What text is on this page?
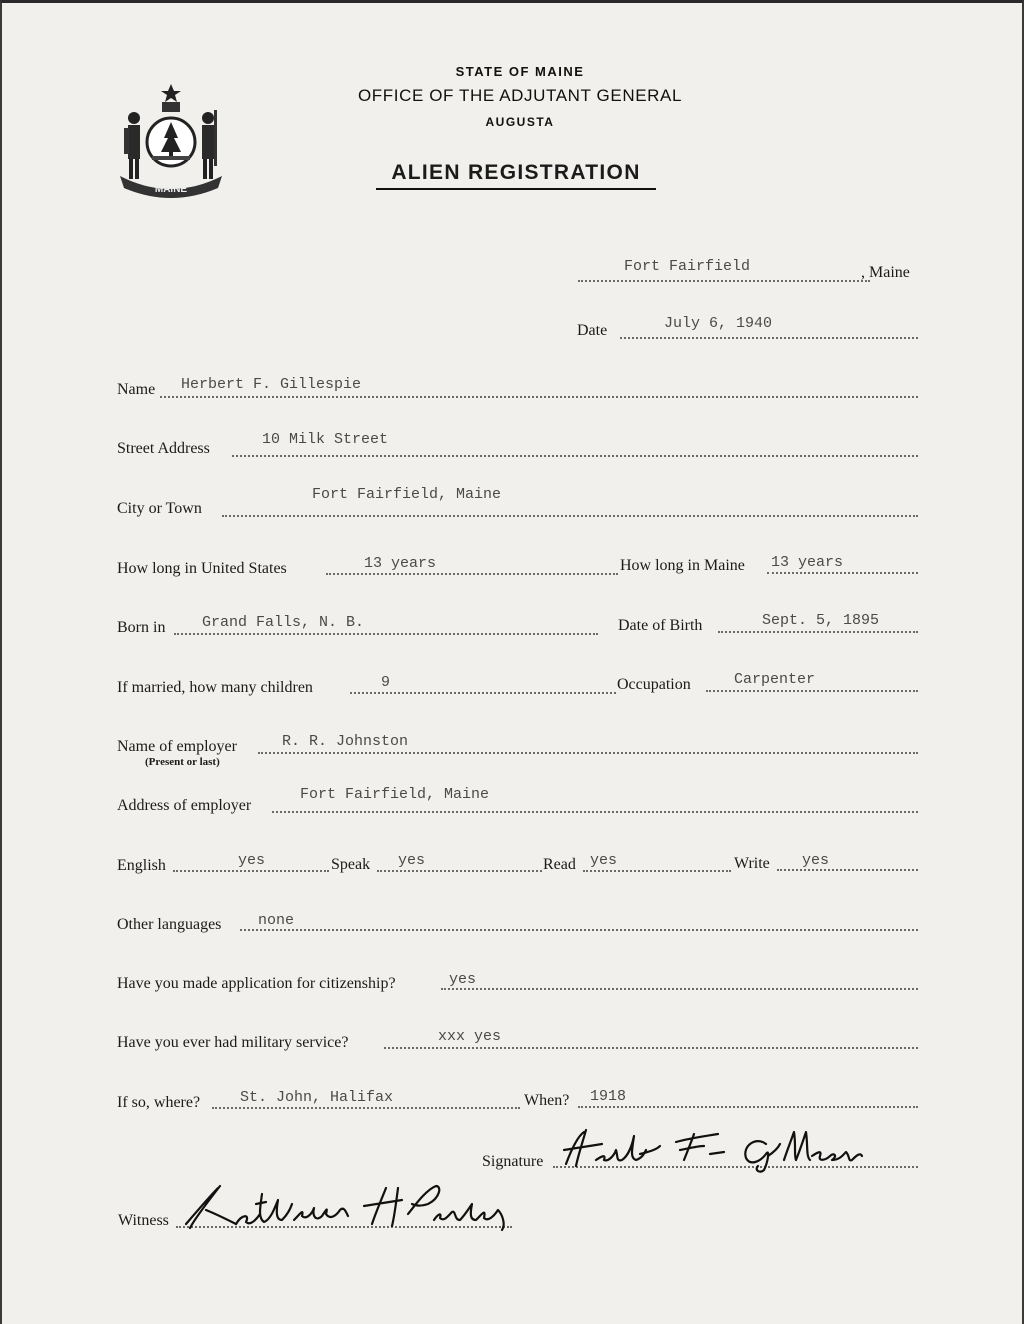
MAINE
STATE OF MAINE
OFFICE OF THE ADJUTANT GENERAL
AUGUSTA
ALIEN REGISTRATION
Fort Fairfield	, Maine
Date	July 6, 1940
Name Herbert F. Gillespie
Street Address
10 Milk Street
City or Town
Fort Fairfield, Maine
How long in United States	13 years	How long in Maine 13 years
Born in Grand Falls, N. B.	Date of Birth	Sept. 5, 1895
If married, how many children	9	Occupation	Carpenter
Name of employer
(Present or last)
R. R. Johnston
Address of employer
Fort Fairfield, Maine
English	yes	Speak yes	Read yes	Write yes
Other languages none
Have you made application for citizenship?	yes
Have you ever had military service?	xxx yes
If so, where?	St. John, Halifax	When? 1918
Signature
Hebert F. Gillespie
Witness
Kathleen H Parker
